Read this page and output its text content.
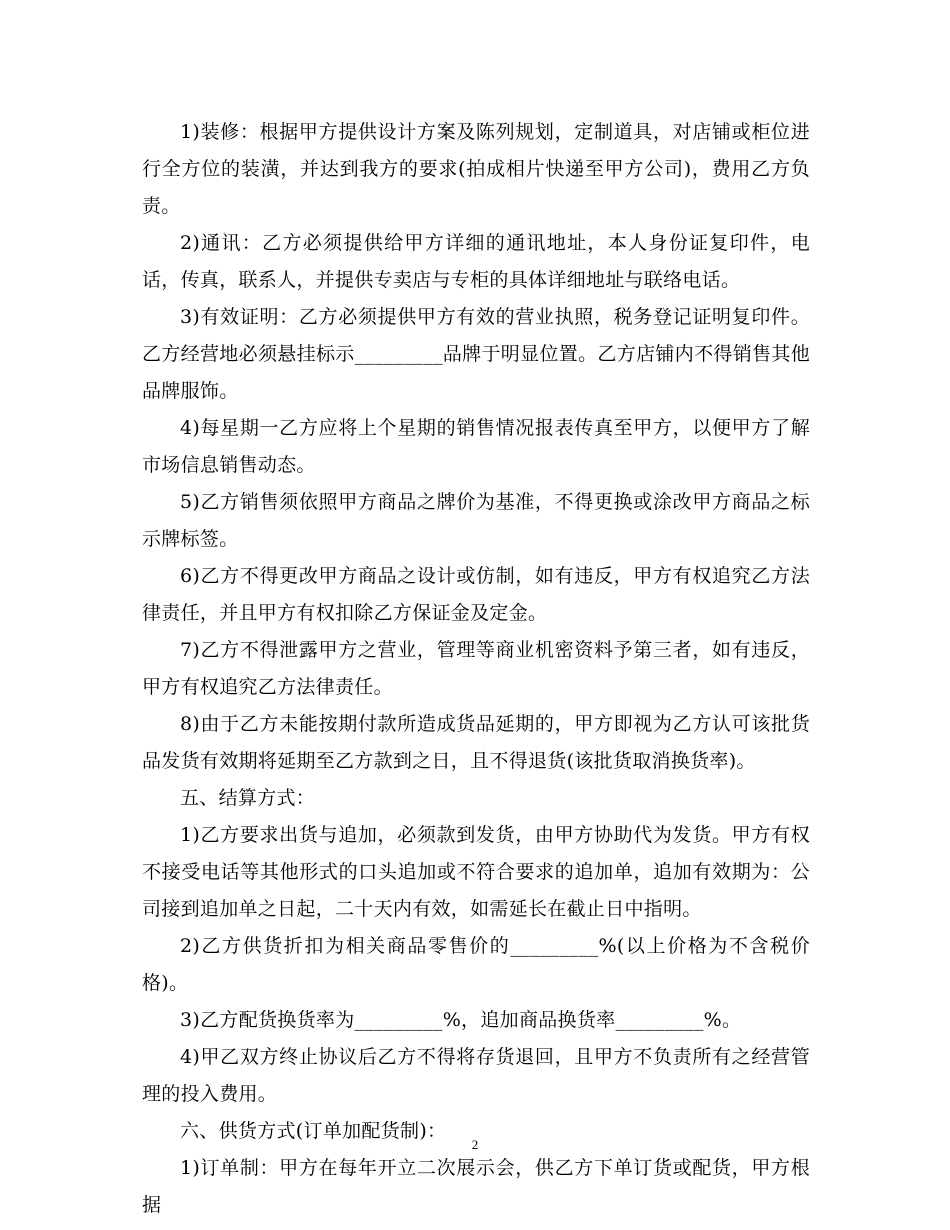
1)装修：根据甲方提供设计方案及陈列规划，定制道具，对店铺或柜位进行全方位的装潢，并达到我方的要求(拍成相片快递至甲方公司)，费用乙方负责。

2)通讯：乙方必须提供给甲方详细的通讯地址，本人身份证复印件，电话，传真，联系人，并提供专卖店与专柜的具体详细地址与联络电话。

3)有效证明：乙方必须提供甲方有效的营业执照，税务登记证明复印件。乙方经营地必须悬挂标示_________品牌于明显位置。乙方店铺内不得销售其他品牌服饰。

4)每星期一乙方应将上个星期的销售情况报表传真至甲方，以便甲方了解市场信息销售动态。

5)乙方销售须依照甲方商品之牌价为基准，不得更换或涂改甲方商品之标示牌标签。

6)乙方不得更改甲方商品之设计或仿制，如有违反，甲方有权追究乙方法律责任，并且甲方有权扣除乙方保证金及定金。

7)乙方不得泄露甲方之营业，管理等商业机密资料予第三者，如有违反，甲方有权追究乙方法律责任。

8)由于乙方未能按期付款所造成货品延期的，甲方即视为乙方认可该批货品发货有效期将延期至乙方款到之日，且不得退货(该批货取消换货率)。

五、结算方式：

1)乙方要求出货与追加，必须款到发货，由甲方协助代为发货。甲方有权不接受电话等其他形式的口头追加或不符合要求的追加单，追加有效期为：公司接到追加单之日起，二十天内有效，如需延长在截止日中指明。

2)乙方供货折扣为相关商品零售价的_________%(以上价格为不含税价格)。

3)乙方配货换货率为_________%，追加商品换货率_________%。

4)甲乙双方终止协议后乙方不得将存货退回，且甲方不负责所有之经营管理的投入费用。

六、供货方式(订单加配货制)：

1)订单制：甲方在每年开立二次展示会，供乙方下单订货或配货，甲方根据

2
